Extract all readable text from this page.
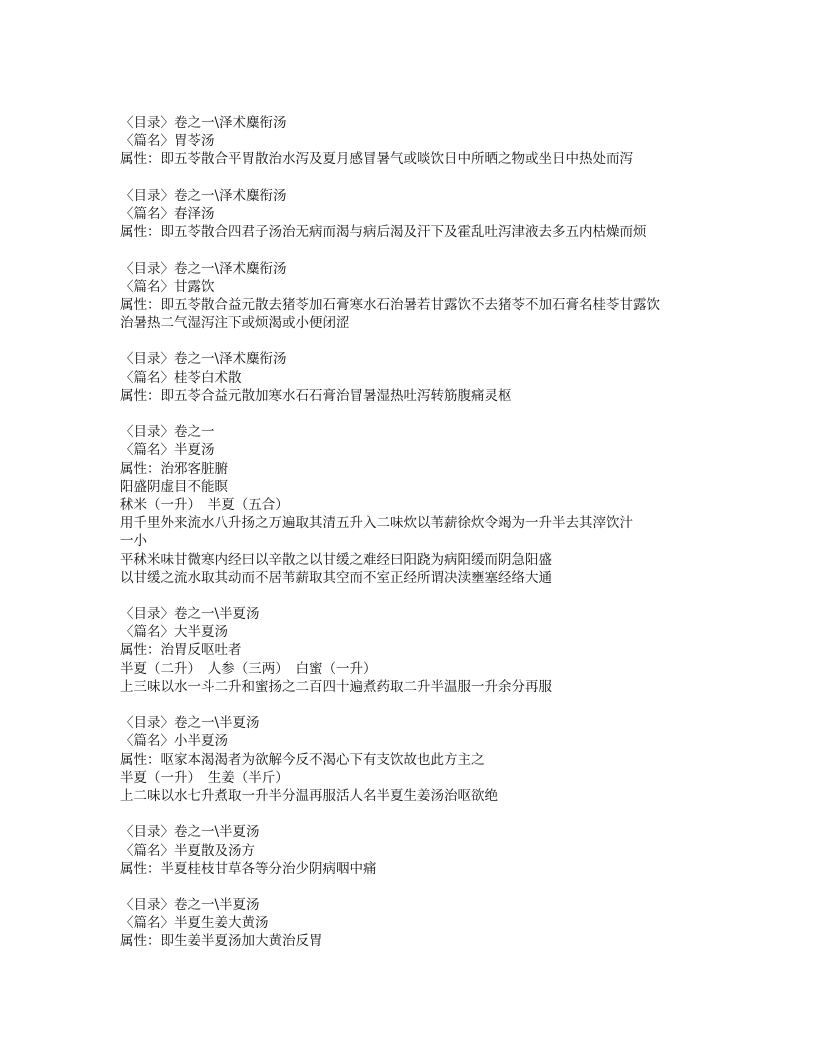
〈目录〉卷之一\泽术麋衔汤
〈篇名〉胃苓汤
属性：即五苓散合平胃散治水泻及夏月感冒暑气或啖饮日中所晒之物或坐日中热处而泻
〈目录〉卷之一\泽术麋衔汤
〈篇名〉春泽汤
属性：即五苓散合四君子汤治无病而渴与病后渴及汗下及霍乱吐泻津液去多五内枯燥而烦
〈目录〉卷之一\泽术麋衔汤
〈篇名〉甘露饮
属性：即五苓散合益元散去猪苓加石膏寒水石治暑若甘露饮不去猪苓不加石膏名桂苓甘露饮
治暑热二气湿泻注下或烦渴或小便闭涩
〈目录〉卷之一\泽术麋衔汤
〈篇名〉桂苓白术散
属性：即五苓合益元散加寒水石石膏治冒暑湿热吐泻转筋腹痛灵枢
〈目录〉卷之一
〈篇名〉半夏汤
属性：治邪客脏腑
阳盛阴虚目不能瞑
秫米（一升）　半夏（五合）
用千里外来流水八升扬之万遍取其清五升入二味炊以苇薪徐炊令竭为一升半去其滓饮汁
一小
平秫米味甘微寒内经曰以辛散之以甘缓之难经曰阳跷为病阳缓而阴急阳盛
以甘缓之流水取其动而不居苇薪取其空而不室正经所谓决渎壅塞经络大通
〈目录〉卷之一\半夏汤
〈篇名〉大半夏汤
属性：治胃反呕吐者
半夏（二升）　人参（三两）　白蜜（一升）
上三味以水一斗二升和蜜扬之二百四十遍煮药取二升半温服一升余分再服
〈目录〉卷之一\半夏汤
〈篇名〉小半夏汤
属性：呕家本渴渴者为欲解今反不渴心下有支饮故也此方主之
半夏（一升）　生姜（半斤）
上二味以水七升煮取一升半分温再服活人名半夏生姜汤治呕欲绝
〈目录〉卷之一\半夏汤
〈篇名〉半夏散及汤方
属性：半夏桂枝甘草各等分治少阴病咽中痛
〈目录〉卷之一\半夏汤
〈篇名〉半夏生姜大黄汤
属性：即生姜半夏汤加大黄治反胃
